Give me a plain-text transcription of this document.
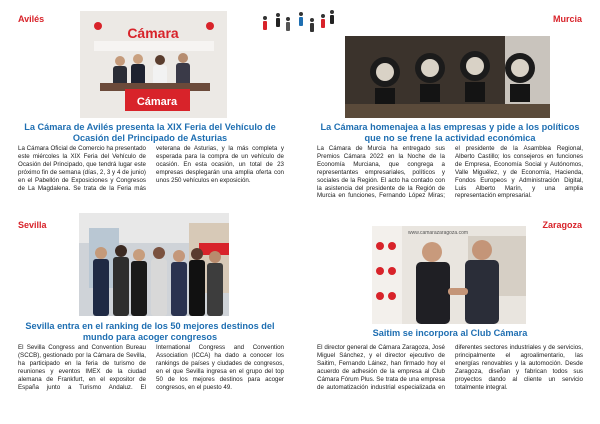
Avilés	Murcia
Sevilla	Zaragoza
Cámara
Cámara
La Cámara de Avilés presenta la XIX Feria del Vehículo de Ocasión del Principado de Asturias

La Cámara Oficial de Comercio ha presentado este miércoles la XIX Feria del Vehículo de Ocasión del Principado, que tendrá lugar este próximo fin de semana (días, 2, 3 y 4 de junio) en el Pabellón de Exposiciones y Congresos de La Magdalena. Se trata de la Feria más veterana de Asturias, y la más completa y esperada para la compra de un vehículo de ocasión. En esta ocasión, un total de 23 empresas desplegarán una amplia oferta con unos 250 vehículos en exposición.

La Cámara homenajea a las empresas y pide a los políticos que no se frene la actividad económica

La Cámara de Murcia ha entregado sus Premios Cámara 2022 en la Noche de la Economía Murciana, que congrega a representantes empresariales, políticos y sociales de la Región. El acto ha contado con la asistencia del presidente de la Región de Murcia en funciones, Fernando López Miras; el presidente de la Asamblea Regional, Alberto Castillo; los consejeros en funciones de Empresa, Economía Social y Autónomos, Valle Miguélez, y de Economía, Hacienda, Fondos Europeos y Administración Digital, Luis Alberto Marín, y una amplia representación empresarial.

www.camarazaragoza.com
Sevilla entra en el ranking de los 50 mejores destinos del mundo para acoger congresos

El Sevilla Congress and Convention Bureau (SCCB), gestionado por la Cámara de Sevilla, ha participado en la feria de turismo de reuniones y eventos IMEX de la ciudad alemana de Frankfurt, en el expositor de España junto a Turismo Andaluz. El International Congress and Convention Association (ICCA) ha dado a conocer los rankings de países y ciudades de congresos, en el que Sevilla ingresa en el grupo del top 50 de los mejores destinos para acoger congresos, en el puesto 49.

Saitim se incorpora al Club Cámara

El director general de Cámara Zaragoza, José Miguel Sánchez, y el director ejecutivo de Saitim, Fernando Láinez, han firmado hoy el acuerdo de adhesión de la empresa al Club Cámara Fórum Plus. Se trata de una empresa de automatización industrial especializada en diferentes sectores industriales y de servicios, principalmente el agroalimentario, las energías renovables y la automoción. Desde Zaragoza, diseñan y fabrican todos sus proyectos dando al cliente un servicio totalmente integral.
